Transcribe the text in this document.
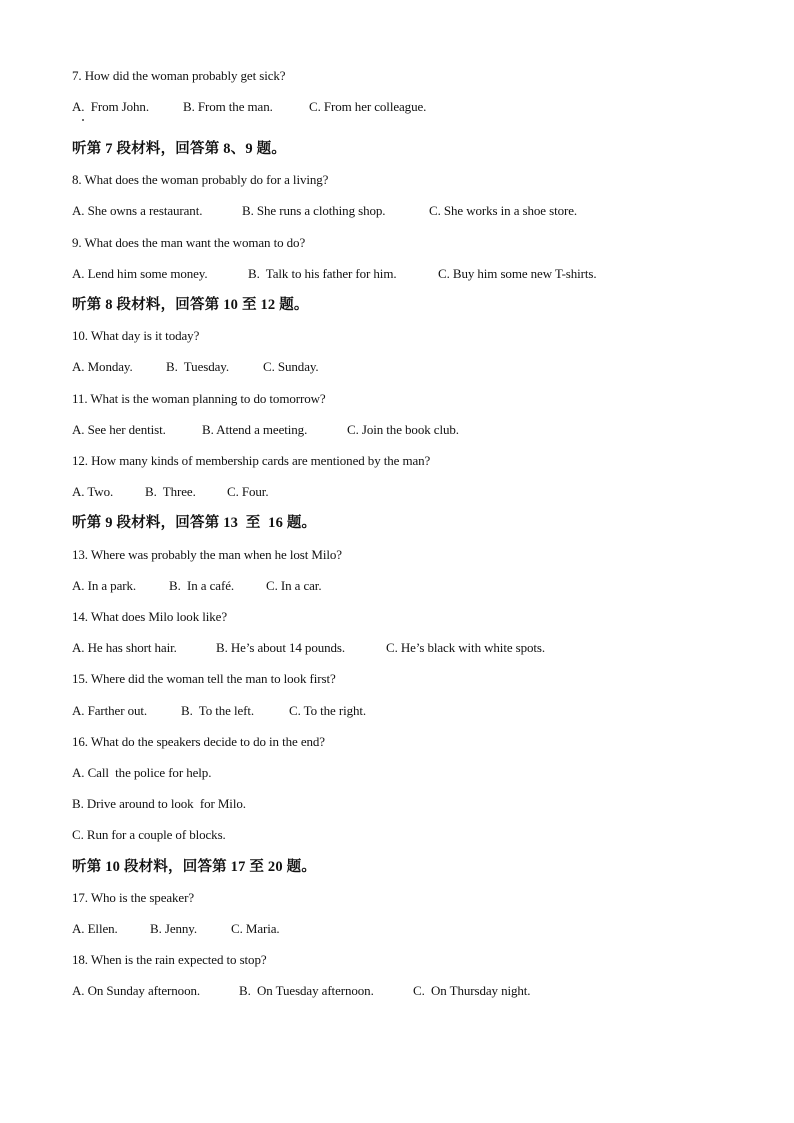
7. How did the woman probably get sick?
A.  From John.	B. From the man.	C. From her colleague.
听第 7 段材料，回答第 8、9 题。
8. What does the woman probably do for a living?
A. She owns a restaurant.	B. She runs a clothing shop.	C. She works in a shoe store.
9. What does the man want the woman to do?
A. Lend him some money.	B.  Talk to his father for him.	C. Buy him some new T-shirts.
听第 8 段材料，回答第 10 至 12 题。
10. What day is it today?
A. Monday.	B.  Tuesday.	C. Sunday.
11. What is the woman planning to do tomorrow?
A. See her dentist.	B. Attend a meeting.	C. Join the book club.
12. How many kinds of membership cards are mentioned by the man?
A. Two. B.  Three. C. Four.
听第 9 段材料，回答第 13  至  16 题。
13. Where was probably the man when he lost Milo?
A. In a park.	B.  In a café. C. In a car.
14. What does Milo look like?
A. He has short hair.	B. He’s about 14 pounds.	C. He’s black with white spots.
15. Where did the woman tell the man to look first?
A. Farther out.	B.  To the left.	C. To the right.
16. What do the speakers decide to do in the end?
A. Call  the police for help.
B. Drive around to look  for Milo.
C. Run for a couple of blocks.
听第 10 段材料，回答第 17 至 20 题。
17. Who is the speaker?
A. Ellen. B. Jenny.	C. Maria.
18. When is the rain expected to stop?
A. On Sunday afternoon.	B.  On Tuesday afternoon.	C.  On Thursday night.
